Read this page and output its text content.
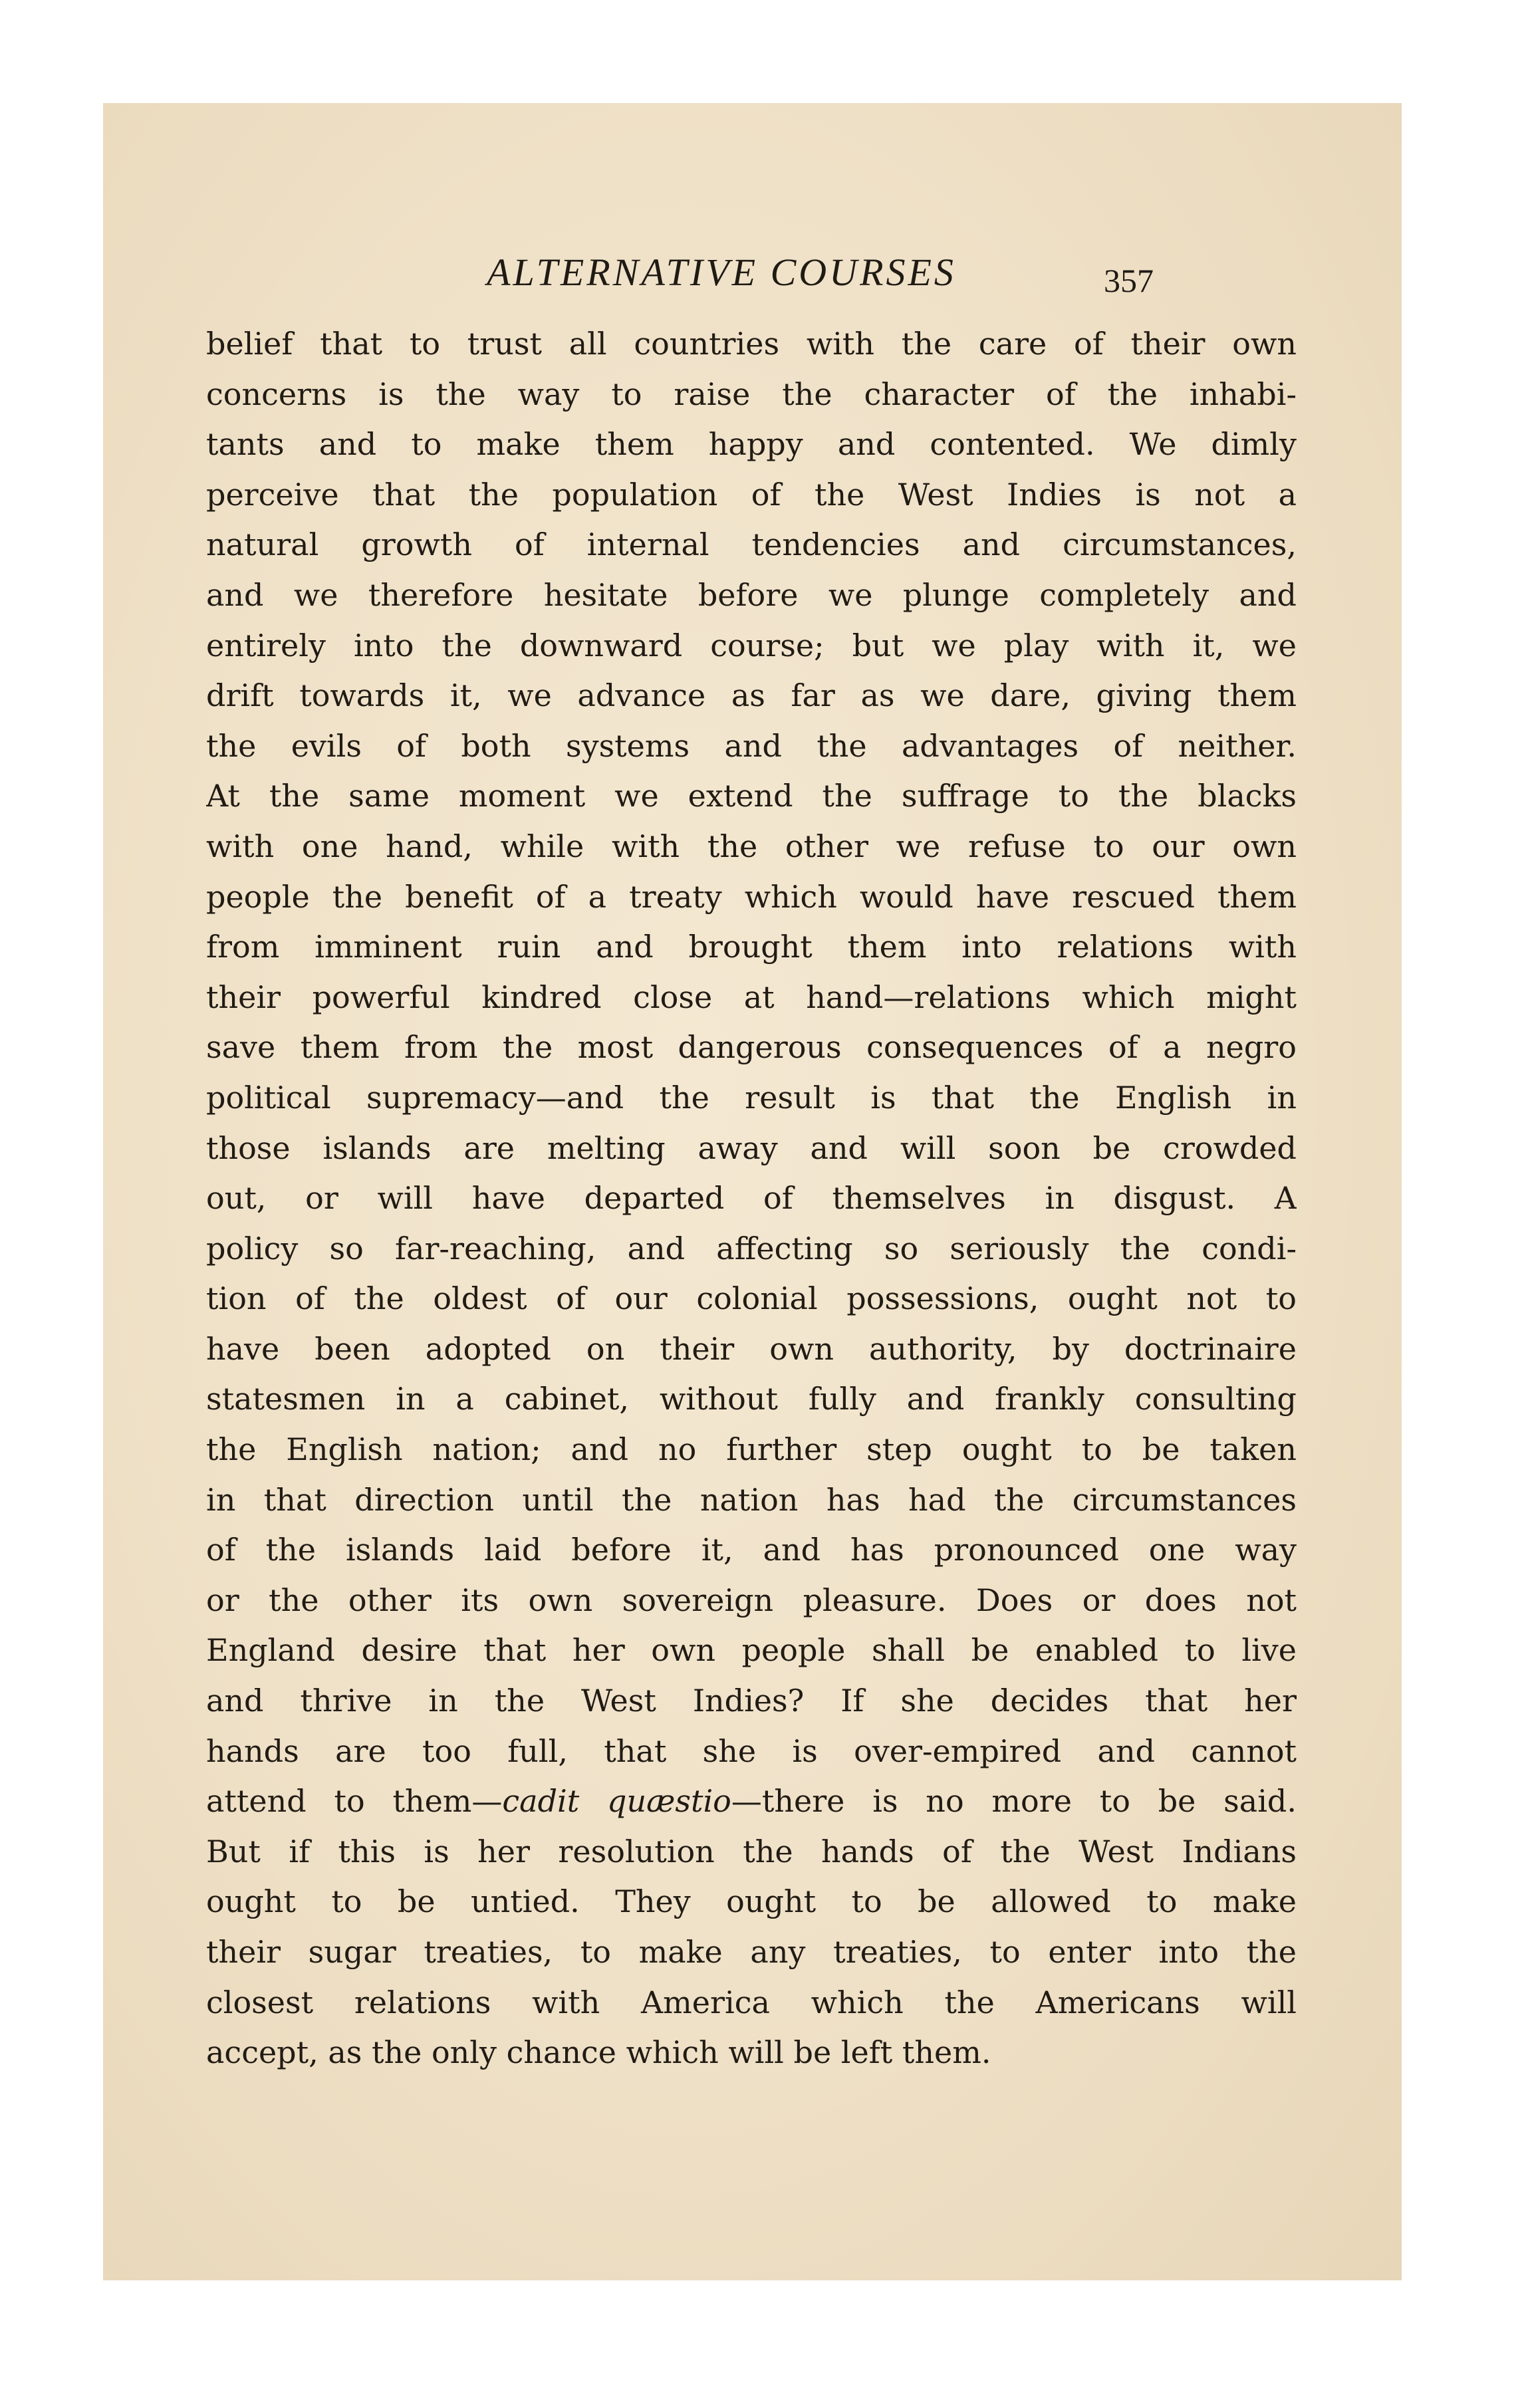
ALTERNATIVE COURSES	357
belief that to trust all countries with the care of their own
concerns is the way to raise the character of the inhabi-
tants and to make them happy and contented. We dimly
perceive that the population of the West Indies is not a
natural growth of internal tendencies and circumstances,
and we therefore hesitate before we plunge completely and
entirely into the downward course; but we play with it, we
drift towards it, we advance as far as we dare, giving them
the evils of both systems and the advantages of neither.
At the same moment we extend the suffrage to the blacks
with one hand, while with the other we refuse to our own
people the benefit of a treaty which would have rescued them
from imminent ruin and brought them into relations with
their powerful kindred close at hand—relations which might
save them from the most dangerous consequences of a negro
political supremacy—and the result is that the English in
those islands are melting away and will soon be crowded
out, or will have departed of themselves in disgust. A
policy so far-reaching, and affecting so seriously the condi-
tion of the oldest of our colonial possessions, ought not to
have been adopted on their own authority, by doctrinaire
statesmen in a cabinet, without fully and frankly consulting
the English nation; and no further step ought to be taken
in that direction until the nation has had the circumstances
of the islands laid before it, and has pronounced one way
or the other its own sovereign pleasure. Does or does not
England desire that her own people shall be enabled to live
and thrive in the West Indies? If she decides that her
hands are too full, that she is over-empired and cannot
attend to them—cadit quæstio—there is no more to be said.
But if this is her resolution the hands of the West Indians
ought to be untied. They ought to be allowed to make
their sugar treaties, to make any treaties, to enter into the
closest relations with America which the Americans will
accept, as the only chance which will be left them.
